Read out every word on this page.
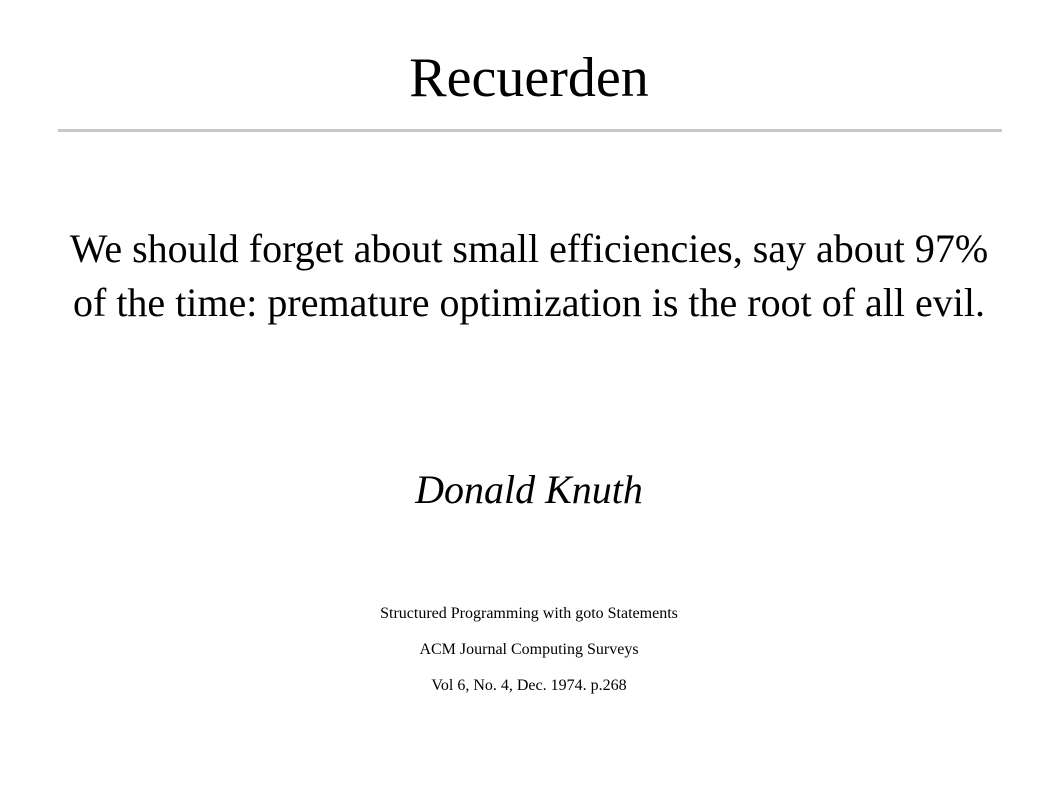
Recuerden

We should forget about small efficiencies, say about 97% of the time: premature optimization is the root of all evil.

Donald Knuth

Structured Programming with goto Statements
ACM Journal Computing Surveys
Vol 6, No. 4, Dec. 1974. p.268
